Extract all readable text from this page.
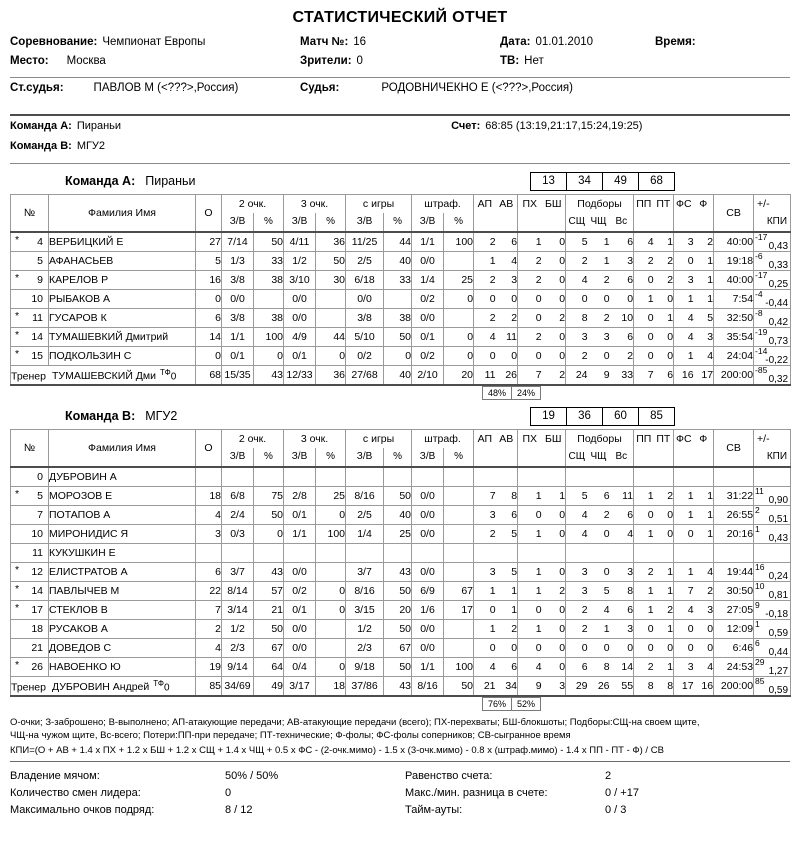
СТАТИСТИЧЕСКИЙ ОТЧЕТ
Соревнование: Чемпионат Европы	Матч №: 16	Дата: 01.01.2010	Время:
Место: Москва	Зрители: 0	ТВ: Нет
Ст.судья:	ПАВЛОВ М (<???>,Россия)	Судья:	РОДОВНИЧЕКНО Е (<???>,Россия)
Команда А: Пираньи	Счет: 68:85 (13:19,21:17,15:24,19:25)
Команда В: МГУ2
Команда А: Пираньи	13	34	49	68
№	Фамилия Имя	О	2 очк.		3 очк.		с игры		штраф.		АП	АВ	ПХ	БШ	Подборы			ПП	ПТ	ФС	Ф	СВ	+/-
			З/В	%	З/В	%	З/В	%	З/В	%					СЩ	ЧЩ	Вс						КПИ

* 4	ВЕРБИЦКИЙ Е	27	7/14	50	4/11	36	11/25	44	1/1	100	2	6	1	0	5	1	6	4	1	3	2	40:00	-17
0,43

5	АФАНАСЬЕВ	5	1/3	33	1/2	50	2/5	40	0/0		1	4	2	0	2	1	3	2	2	0	1	19:18	-6
0,33

* 9	КАРЕЛОВ Р	16	3/8	38	3/10	30	6/18	33	1/4	25	2	3	2	0	4	2	6	0	2	3	1	40:00	-17
0,25

10	РЫБАКОВ А	0	0/0		0/0		0/0		0/2	0	0	0	0	0	0	0	0	1	0	1	1	7:54	-4
-0,44

* 11	ГУСАРОВ К	6	3/8	38	0/0		3/8	38	0/0		2	2	0	2	8	2	10	0	1	4	5	32:50	-8
0,42

* 14	ТУМАШЕВКИЙ Дмитрий	14	1/1	100	4/9	44	5/10	50	0/1	0	4	11	2	0	3	3	6	0	0	4	3	35:54	-19
0,73

* 15	ПОДКОЛЬЗИН С	0	0/1	0	0/1	0	0/2	0	0/2	0	0	0	0	0	2	0	2	0	0	1	4	24:04	-14
-0,22

Тренер ТУМАШЕВСКИЙ Дми $^{ТФ}$0		68	15/35	43	12/33	36	27/68	40	2/10	20	11	26	7	2	24	9	33	7	6	16	17	200:00	-85
0,32
48%	24%
Команда В: МГУ2	19	36	60	85
№	Фамилия Имя	О	2 очк.		3 очк.		с игры		штраф.		АП	АВ	ПХ	БШ	Подборы			ПП	ПТ	ФС	Ф	СВ	+/-
			З/В	%	З/В	%	З/В	%	З/В	%					СЩ	ЧЩ	Вс						КПИ

0	ДУБРОВИН А																						

* 5	МОРОЗОВ Е	18	6/8	75	2/8	25	8/16	50	0/0		7	8	1	1	5	6	11	1	2	1	1	31:22	11
0,90

7	ПОТАПОВ А	4	2/4	50	0/1	0	2/5	40	0/0		3	6	0	0	4	2	6	0	0	1	1	26:55	2
0,51

10	МИРОНИДИС Я	3	0/3	0	1/1	100	1/4	25	0/0		2	5	1	0	4	0	4	1	0	0	1	20:16	1
0,43

11	КУКУШКИН Е																						

* 12	ЕЛИСТРАТОВ А	6	3/7	43	0/0		3/7	43	0/0		3	5	1	0	3	0	3	2	1	1	4	19:44	16
0,24

* 14	ПАВЛЫЧЕВ М	22	8/14	57	0/2	0	8/16	50	6/9	67	1	1	1	2	3	5	8	1	1	7	2	30:50	10
0,81

* 17	СТЕКЛОВ В	7	3/14	21	0/1	0	3/15	20	1/6	17	0	1	0	0	2	4	6	1	2	4	3	27:05	9
-0,18

18	РУСАКОВ А	2	1/2	50	0/0		1/2	50	0/0		1	2	1	0	2	1	3	0	1	0	0	12:09	1
0,59

21	ДОВЕДОВ С	4	2/3	67	0/0		2/3	67	0/0		0	0	0	0	0	0	0	0	0	0	0	6:46	6
0,44

* 26	НАВОЕНКО Ю	19	9/14	64	0/4	0	9/18	50	1/1	100	4	6	4	0	6	8	14	2	1	3	4	24:53	29
1,27

Тренер ДУБРОВИН Андрей $^{ТФ}$0		85	34/69	49	3/17	18	37/86	43	8/16	50	21	34	9	3	29	26	55	8	8	17	16	200:00	85
0,59
76%	52%
О-очки; З-заброшено; В-выполнено; АП-атакующие передачи; АВ-атакующие передачи (всего); ПХ-перехваты; БШ-блокшоты; Подборы:СЩ-на своем щите,
ЧЩ-на чужом щите, Вс-всего; Потери:ПП-при передаче; ПТ-технические; Ф-фолы; ФС-фолы соперников; СВ-сыгранное время
КПИ=(О + АВ + 1.4 х ПХ + 1.2 х БШ + 1.2 х СЩ + 1.4 х ЧЩ + 0.5 х ФС - (2-очк.мимо) - 1.5 х (3-очк.мимо) - 0.8 х (штраф.мимо) - 1.4 х ПП - ПТ - Ф) / СВ
Владение мячом:	50% / 50%	Равенство счета:	2
Количество смен лидера:	0	Макс./мин. разница в счете:	0 / +17
Максимально очков подряд:	8 / 12	Тайм-ауты:	0 / 3
